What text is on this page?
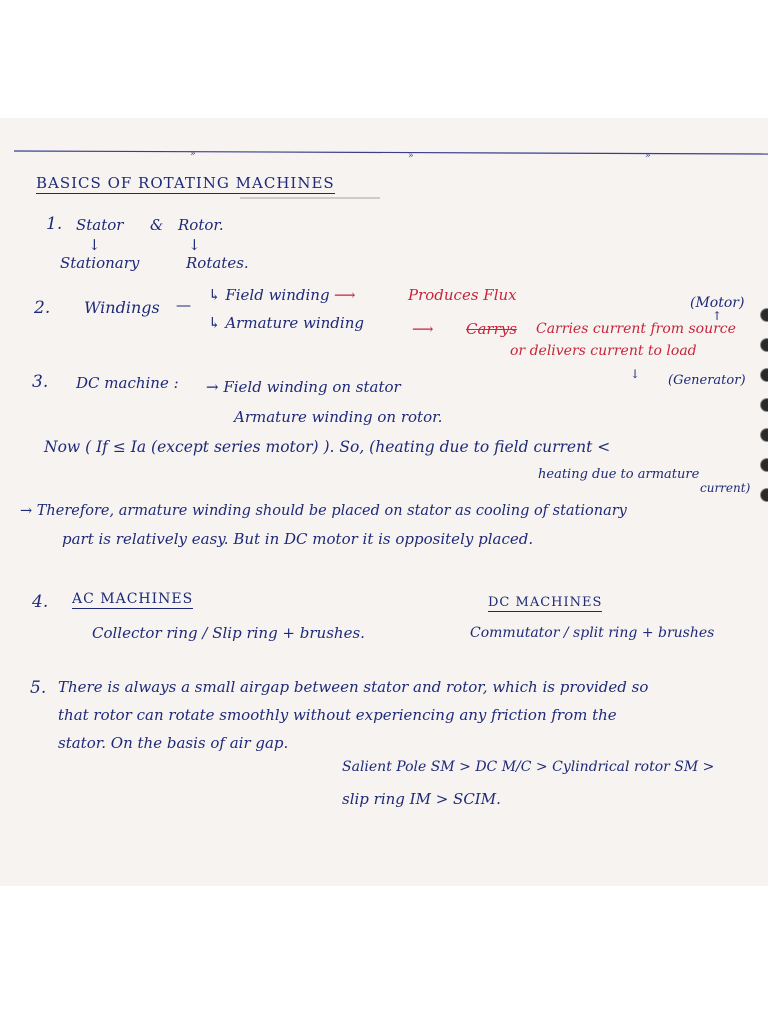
»	»	»
BASICS OF ROTATING MACHINES
1. Stator & Rotor.
↓	↓
Stationary	Rotates.
2. Windings —
↳ Field winding ⟶	Produces Flux
↳ Armature winding	⟶ Carrys Carries current from source
or delivers current to load
(Motor)
↑
↓ (Generator)
3. DC machine : → Field winding on stator
Armature winding on rotor.
Now ( If ≤ Ia (except series motor) ). So, (heating due to field current <
heating due to armature
current)
→ Therefore, armature winding should be placed on stator as cooling of stationary
part is relatively easy. But in DC motor it is oppositely placed.
4. AC MACHINES	DC MACHINES
Collector ring / Slip ring + brushes.	Commutator / split ring + brushes
5. There is always a small airgap between stator and rotor, which is provided so
that rotor can rotate smoothly without experiencing any friction from the
stator. On the basis of air gap.
Salient Pole SM > DC M/C > Cylindrical rotor SM >
slip ring IM > SCIM.
